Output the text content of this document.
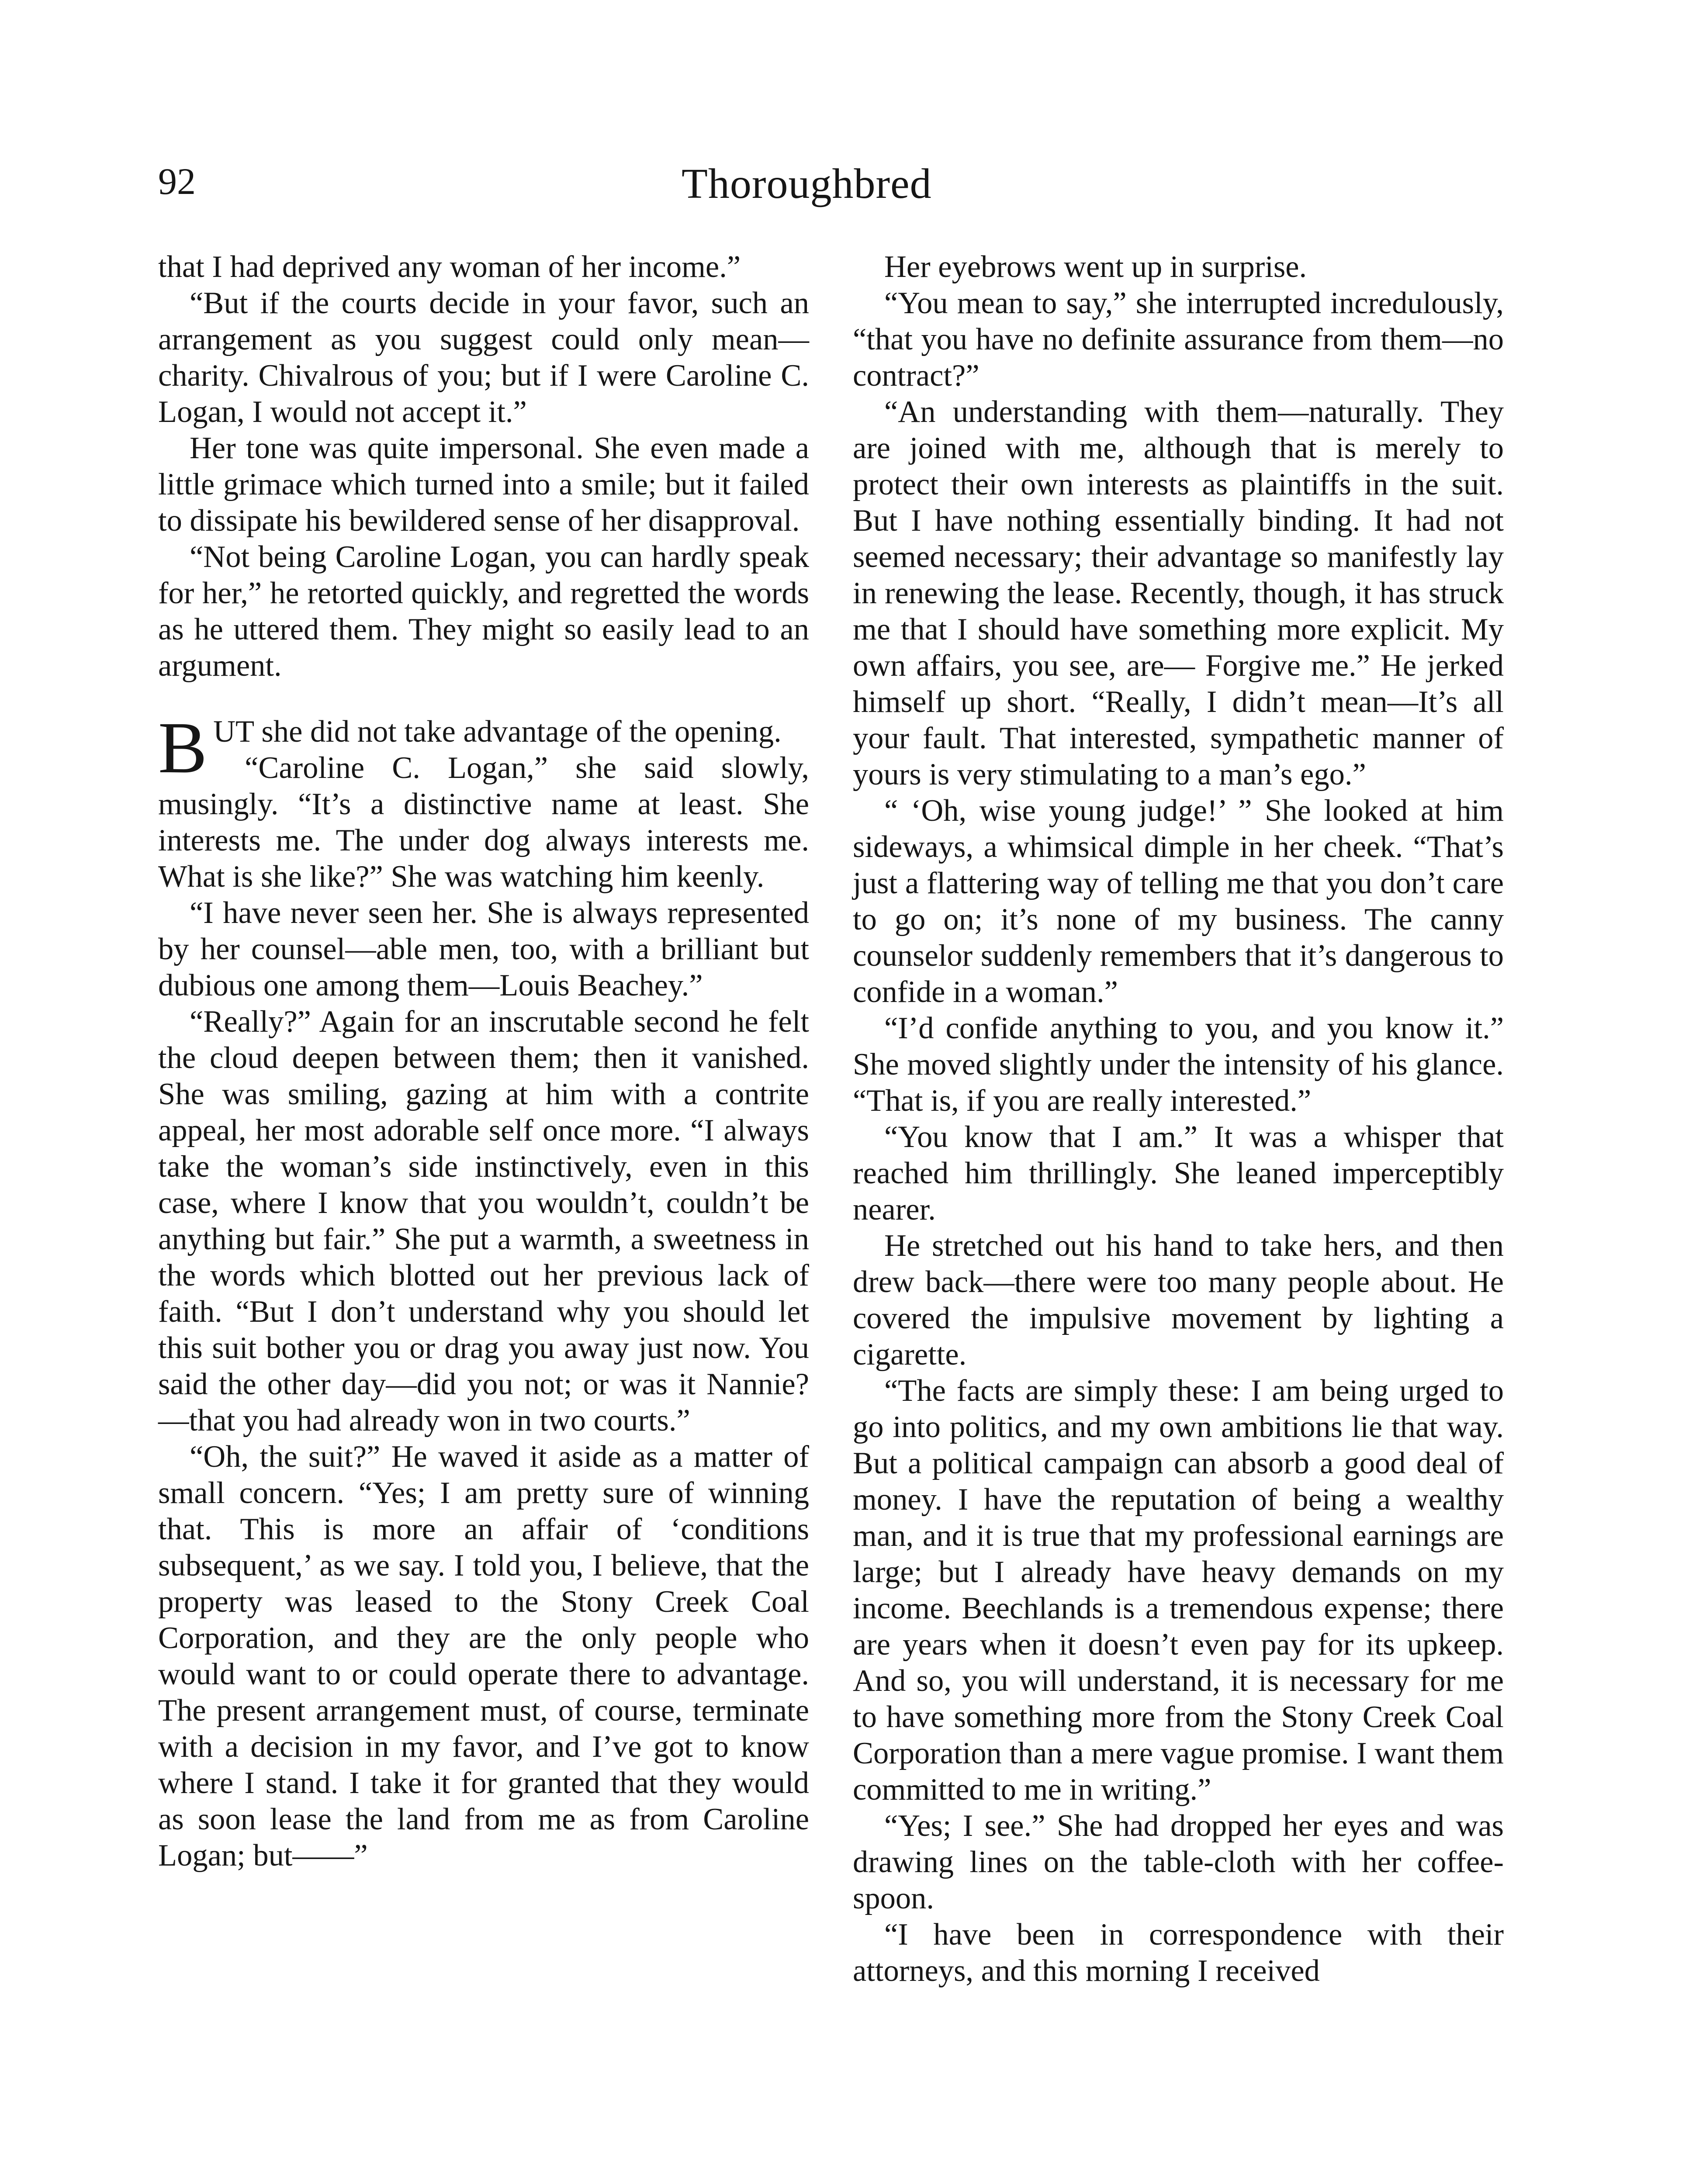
92	Thoroughbred

that I had deprived any woman of her income.”

“But if the courts decide in your favor, such an arrangement as you suggest could only mean—charity. Chivalrous of you; but if I were Caroline C. Logan, I would not accept it.”

Her tone was quite impersonal. She even made a little grimace which turned into a smile; but it failed to dissipate his bewildered sense of her disapproval.

“Not being Caroline Logan, you can hardly speak for her,” he retorted quickly, and regretted the words as he uttered them. They might so easily lead to an argument.

BUT she did not take advantage of the opening.

“Caroline C. Logan,” she said slowly, musingly. “It’s a distinctive name at least. She interests me. The under dog always interests me. What is she like?” She was watching him keenly.

“I have never seen her. She is always represented by her counsel—able men, too, with a brilliant but dubious one among them—Louis Beachey.”

“Really?” Again for an inscrutable second he felt the cloud deepen between them; then it vanished. She was smiling, gazing at him with a contrite appeal, her most adorable self once more. “I always take the woman’s side instinctively, even in this case, where I know that you wouldn’t, couldn’t be anything but fair.” She put a warmth, a sweetness in the words which blotted out her previous lack of faith. “But I don’t understand why you should let this suit bother you or drag you away just now. You said the other day—did you not; or was it Nannie?—that you had already won in two courts.”

“Oh, the suit?” He waved it aside as a matter of small concern. “Yes; I am pretty sure of winning that. This is more an affair of ‘conditions subsequent,’ as we say. I told you, I believe, that the property was leased to the Stony Creek Coal Corporation, and they are the only people who would want to or could operate there to advantage. The present arrangement must, of course, terminate with a decision in my favor, and I’ve got to know where I stand. I take it for granted that they would as soon lease the land from me as from Caroline Logan; but——”

Her eyebrows went up in surprise.

“You mean to say,” she interrupted incredulously, “that you have no definite assurance from them—no contract?”

“An understanding with them—naturally. They are joined with me, although that is merely to protect their own interests as plaintiffs in the suit. But I have nothing essentially binding. It had not seemed necessary; their advantage so manifestly lay in renewing the lease. Recently, though, it has struck me that I should have something more explicit. My own affairs, you see, are— Forgive me.” He jerked himself up short. “Really, I didn’t mean—It’s all your fault. That interested, sympathetic manner of yours is very stimulating to a man’s ego.”

“ ‘Oh, wise young judge!’ ” She looked at him sideways, a whimsical dimple in her cheek. “That’s just a flattering way of telling me that you don’t care to go on; it’s none of my business. The canny counselor suddenly remembers that it’s dangerous to confide in a woman.”

“I’d confide anything to you, and you know it.” She moved slightly under the intensity of his glance. “That is, if you are really interested.”

“You know that I am.” It was a whisper that reached him thrillingly. She leaned imperceptibly nearer.

He stretched out his hand to take hers, and then drew back—there were too many people about. He covered the impulsive movement by lighting a cigarette.

“The facts are simply these: I am being urged to go into politics, and my own ambitions lie that way. But a political campaign can absorb a good deal of money. I have the reputation of being a wealthy man, and it is true that my professional earnings are large; but I already have heavy demands on my income. Beechlands is a tremendous expense; there are years when it doesn’t even pay for its upkeep. And so, you will understand, it is necessary for me to have something more from the Stony Creek Coal Corporation than a mere vague promise. I want them committed to me in writing.”

“Yes; I see.” She had dropped her eyes and was drawing lines on the table-cloth with her coffee-spoon.

“I have been in correspondence with their attorneys, and this morning I received
